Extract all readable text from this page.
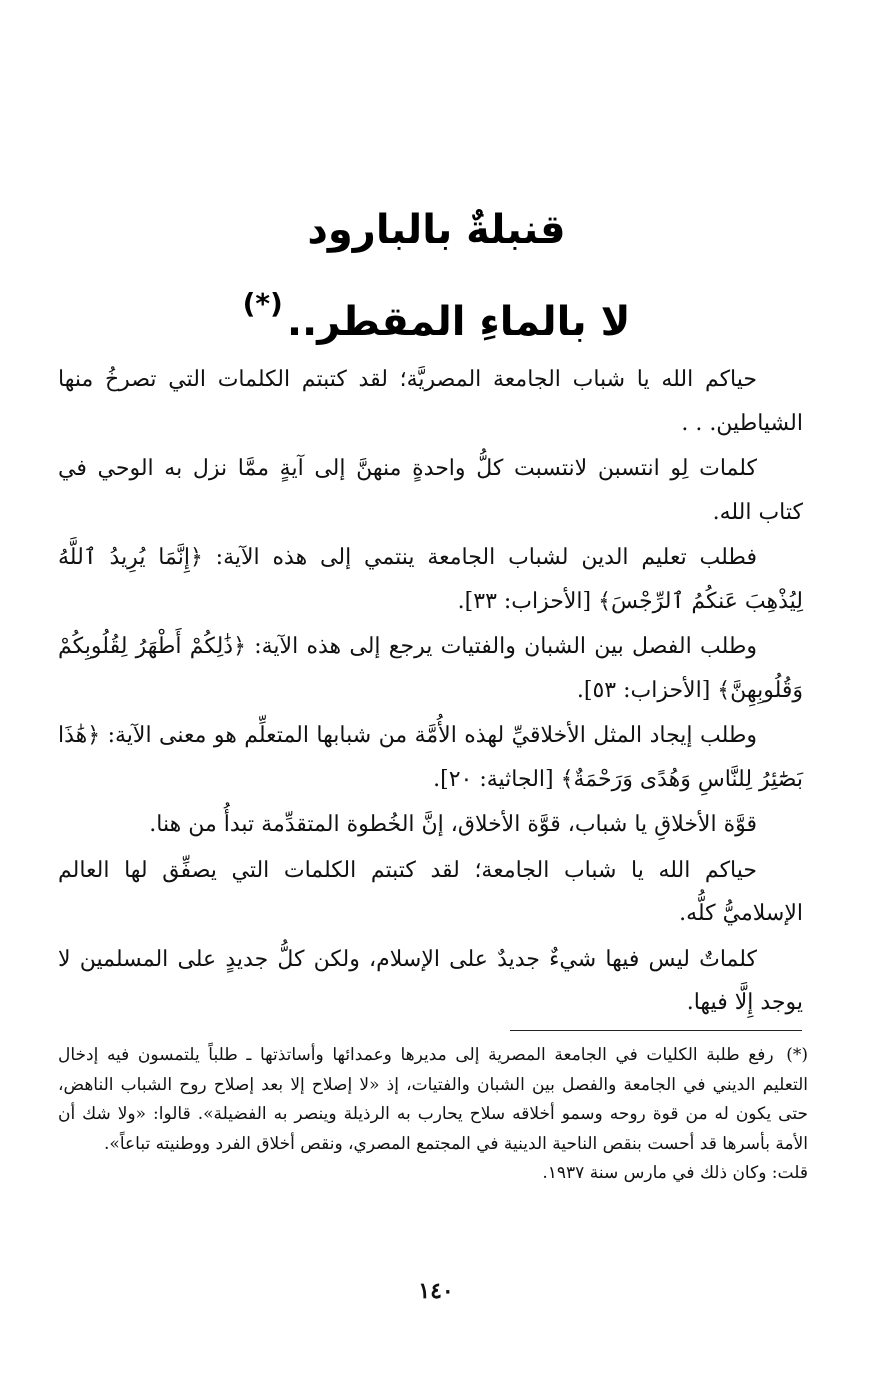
قنبلةٌ بالبارود
لا بالماءِ المقطر..(*)

حياكم الله يا شباب الجامعة المصريَّة؛ لقد كتبتم الكلمات التي تصرخُ منها الشياطين. . .

كلمات لِو انتسبن لانتسبت كلُّ واحدةٍ منهنَّ إلى آيةٍ ممَّا نزل به الوحي في كتاب الله.

فطلب تعليم الدين لشباب الجامعة ينتمي إلى هذه الآية: ﴿إِنَّمَا يُرِيدُ ٱللَّهُ لِيُذْهِبَ عَنكُمُ ٱلرِّجْسَ﴾ [الأحزاب: ٣٣].

وطلب الفصل بين الشبان والفتيات يرجع إلى هذه الآية: ﴿ذَٰلِكُمْ أَطْهَرُ لِقُلُوبِكُمْ وَقُلُوبِهِنَّ﴾ [الأحزاب: ٥٣].

وطلب إيجاد المثل الأخلاقيِّ لهذه الأُمَّة من شبابها المتعلِّم هو معنى الآية: ﴿هَٰذَا بَصَٰٓئِرُ لِلنَّاسِ وَهُدًى وَرَحْمَةٌ﴾ [الجاثية: ٢٠].

قوَّة الأخلاقِ يا شباب، قوَّة الأخلاق، إنَّ الخُطوة المتقدِّمة تبدأُ من هنا.

حياكم الله يا شباب الجامعة؛ لقد كتبتم الكلمات التي يصفِّق لها العالم الإسلاميُّ كلُّه.

كلماتٌ ليس فيها شيءٌ جديدٌ على الإسلام، ولكن كلُّ جديدٍ على المسلمين لا يوجد إِلَّا فيها.

(*) رفع طلبة الكليات في الجامعة المصرية إلى مديرها وعمدائها وأساتذتها ـ طلباً يلتمسون فيه إدخال التعليم الديني في الجامعة والفصل بين الشبان والفتيات، إذ «لا إصلاح إلا بعد إصلاح روح الشباب الناهض، حتى يكون له من قوة روحه وسمو أخلاقه سلاح يحارب به الرذيلة وينصر به الفضيلة». قالوا: «ولا شك أن الأمة بأسرها قد أحست بنقص الناحية الدينية في المجتمع المصري، ونقص أخلاق الفرد ووطنيته تباعاً».

قلت: وكان ذلك في مارس سنة ١٩٣٧.

١٤٠
